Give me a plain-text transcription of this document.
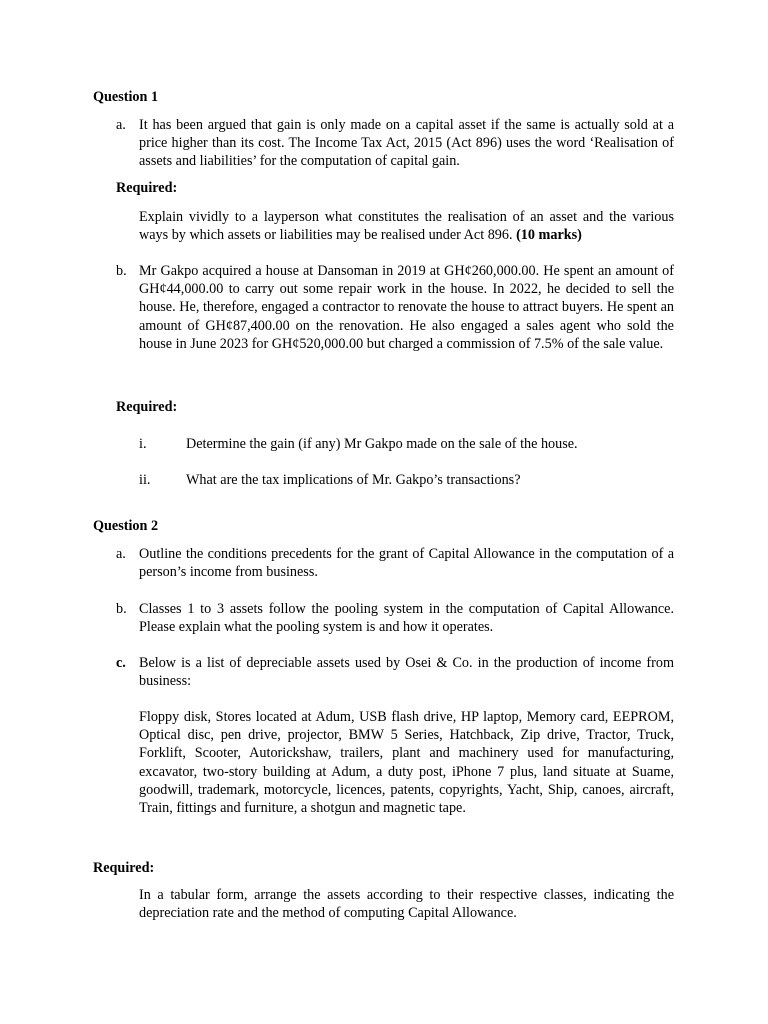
Question 1
a. It has been argued that gain is only made on a capital asset if the same is actually sold at a price higher than its cost. The Income Tax Act, 2015 (Act 896) uses the word ‘Realisation of assets and liabilities’ for the computation of capital gain.
Required:
Explain vividly to a layperson what constitutes the realisation of an asset and the various ways by which assets or liabilities may be realised under Act 896. (10 marks)
b. Mr Gakpo acquired a house at Dansoman in 2019 at GH¢260,000.00. He spent an amount of GH¢44,000.00 to carry out some repair work in the house. In 2022, he decided to sell the house. He, therefore, engaged a contractor to renovate the house to attract buyers. He spent an amount of GH¢87,400.00 on the renovation. He also engaged a sales agent who sold the house in June 2023 for GH¢520,000.00 but charged a commission of 7.5% of the sale value.
Required:
i.	Determine the gain (if any) Mr Gakpo made on the sale of the house.
ii.	What are the tax implications of Mr. Gakpo’s transactions?
Question 2
a. Outline the conditions precedents for the grant of Capital Allowance in the computation of a person’s income from business.
b. Classes 1 to 3 assets follow the pooling system in the computation of Capital Allowance. Please explain what the pooling system is and how it operates.
c. Below is a list of depreciable assets used by Osei & Co. in the production of income from business:
Floppy disk, Stores located at Adum, USB flash drive, HP laptop, Memory card, EEPROM, Optical disc, pen drive, projector, BMW 5 Series, Hatchback, Zip drive, Tractor, Truck, Forklift, Scooter, Autorickshaw, trailers, plant and machinery used for manufacturing, excavator, two-story building at Adum, a duty post, iPhone 7 plus, land situate at Suame, goodwill, trademark, motorcycle, licences, patents, copyrights, Yacht, Ship, canoes, aircraft, Train, fittings and furniture, a shotgun and magnetic tape.
Required:
In a tabular form, arrange the assets according to their respective classes, indicating the depreciation rate and the method of computing Capital Allowance.
